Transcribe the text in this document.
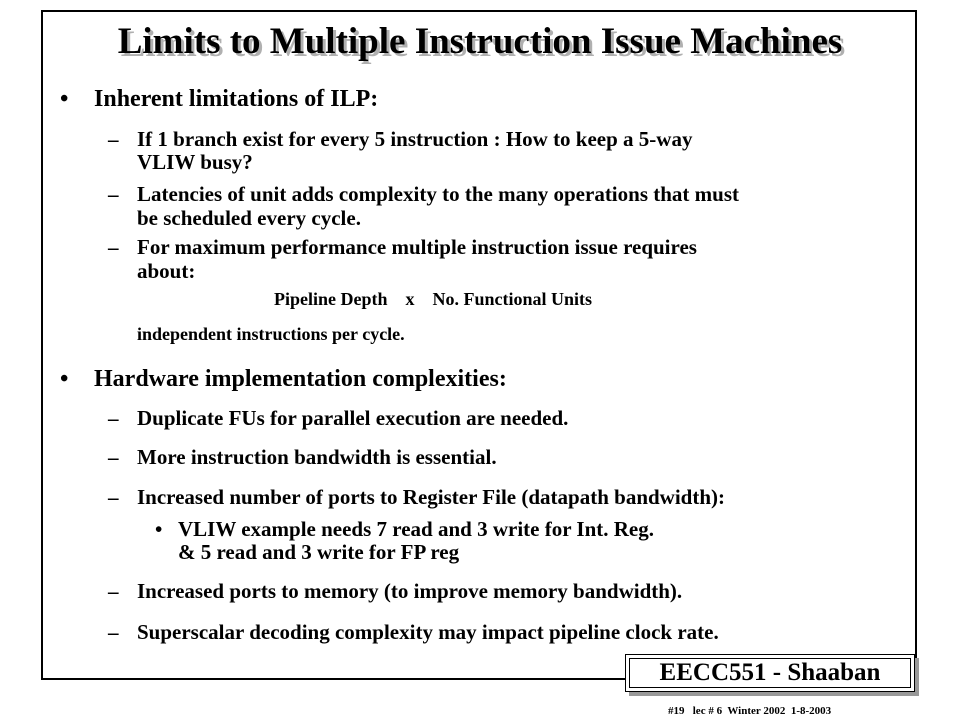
Limits to Multiple Instruction Issue Machines
• Inherent limitations of ILP:
– If 1 branch exist for every 5 instruction : How to keep a 5-way
VLIW busy?
– Latencies of unit adds complexity to the many operations that must
be scheduled every cycle.
– For maximum performance multiple instruction issue requires
about:
Pipeline Depth    x    No. Functional Units
independent instructions per cycle.
• Hardware implementation complexities:
– Duplicate FUs for parallel execution are needed.
– More instruction bandwidth is essential.
– Increased number of ports to Register File (datapath bandwidth):
• VLIW example needs 7 read and 3 write for Int. Reg.
& 5 read and 3 write for FP reg
– Increased ports to memory (to improve memory bandwidth).
– Superscalar decoding complexity may impact pipeline clock rate.
EECC551 - Shaaban
#19   lec # 6  Winter 2002  1-8-2003
